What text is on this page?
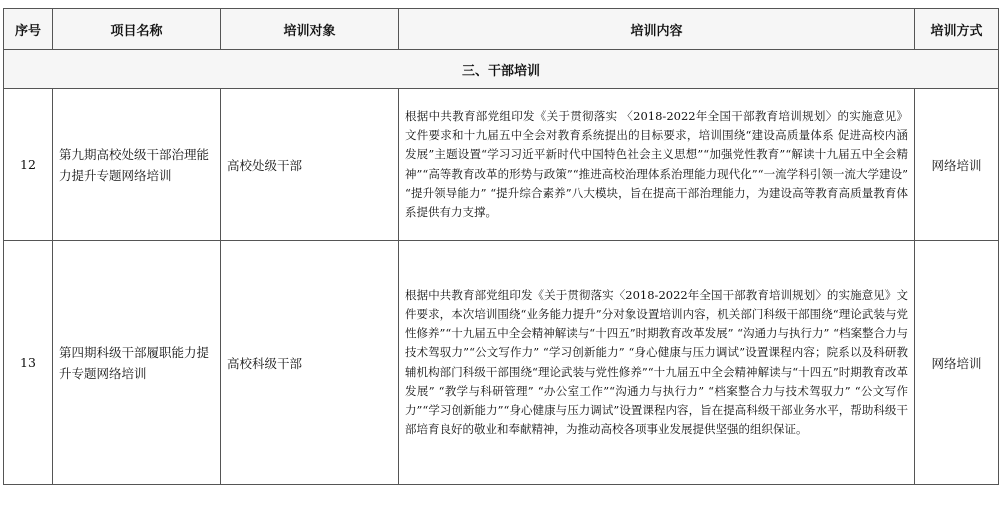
序号	项目名称	培训对象	培训内容	培训方式
三、干部培训				
12	第九期高校处级干部治理能力提升专题网络培训	高校处级干部	根据中共教育部党组印发《关于贯彻落实 〈2018-2022年全国干部教育培训规划〉的实施意见》文件要求和十九届五中全会对教育系统提出的目标要求，培训围绕“建设高质量体系 促进高校内涵发展”主题设置“学习习近平新时代中国特色社会主义思想”“加强党性教育”“解读十九届五中全会精神”“高等教育改革的形势与政策”“推进高校治理体系治理能力现代化”“一流学科引领一流大学建设” “提升领导能力” “提升综合素养”八大模块，旨在提高干部治理能力，为建设高等教育高质量教育体系提供有力支撑。	网络培训
13	第四期科级干部履职能力提升专题网络培训	高校科级干部	根据中共教育部党组印发《关于贯彻落实〈2018-2022年全国干部教育培训规划〉的实施意见》文件要求，本次培训围绕“业务能力提升”分对象设置培训内容，机关部门科级干部围绕“理论武装与党性修养”“十九届五中全会精神解读与“十四五”时期教育改革发展” “沟通力与执行力” “档案整合力与技术驾驭力”“公文写作力” “学习创新能力” “身心健康与压力调试”设置课程内容；院系以及科研教辅机构部门科级干部围绕“理论武装与党性修养”“十九届五中全会精神解读与“十四五”时期教育改革发展” “教学与科研管理” “办公室工作”“沟通力与执行力” “档案整合力与技术驾驭力” “公文写作力”“学习创新能力”“身心健康与压力调试”设置课程内容，旨在提高科级干部业务水平，帮助科级干部培育良好的敬业和奉献精神，为推动高校各项事业发展提供坚强的组织保证。	网络培训
